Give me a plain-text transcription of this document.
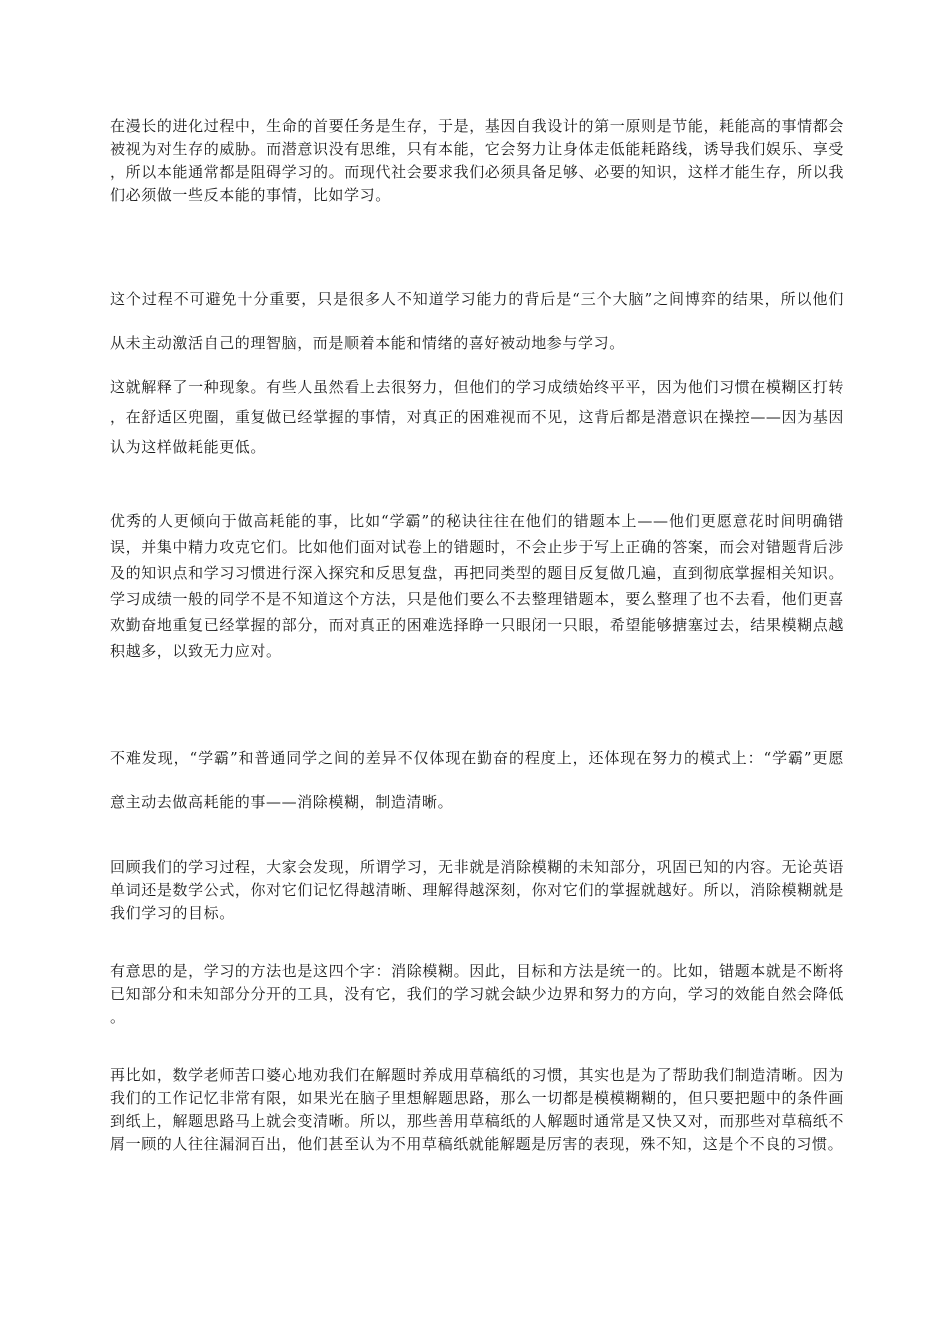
在漫长的进化过程中，生命的首要任务是生存，于是，基因自我设计的第一原则是节能，耗能高的事情都会被视为对生存的威胁。而潜意识没有思维，只有本能，它会努力让身体走低能耗路线，诱导我们娱乐、享受，所以本能通常都是阻碍学习的。而现代社会要求我们必须具备足够、必要的知识，这样才能生存，所以我们必须做一些反本能的事情，比如学习。

这个过程不可避免十分重要，只是很多人不知道学习能力的背后是“三个大脑”之间博弈的结果，所以他们从未主动激活自己的理智脑，而是顺着本能和情绪的喜好被动地参与学习。

这就解释了一种现象。有些人虽然看上去很努力，但他们的学习成绩始终平平，因为他们习惯在模糊区打转，在舒适区兜圈，重复做已经掌握的事情，对真正的困难视而不见，这背后都是潜意识在操控——因为基因认为这样做耗能更低。

优秀的人更倾向于做高耗能的事，比如“学霸”的秘诀往往在他们的错题本上——他们更愿意花时间明确错误，并集中精力攻克它们。比如他们面对试卷上的错题时，不会止步于写上正确的答案，而会对错题背后涉及的知识点和学习习惯进行深入探究和反思复盘，再把同类型的题目反复做几遍，直到彻底掌握相关知识。学习成绩一般的同学不是不知道这个方法，只是他们要么不去整理错题本，要么整理了也不去看，他们更喜欢勤奋地重复已经掌握的部分，而对真正的困难选择睁一只眼闭一只眼，希望能够搪塞过去，结果模糊点越积越多，以致无力应对。

不难发现，“学霸”和普通同学之间的差异不仅体现在勤奋的程度上，还体现在努力的模式上：“学霸”更愿意主动去做高耗能的事——消除模糊，制造清晰。

回顾我们的学习过程，大家会发现，所谓学习，无非就是消除模糊的未知部分，巩固已知的内容。无论英语单词还是数学公式，你对它们记忆得越清晰、理解得越深刻，你对它们的掌握就越好。所以，消除模糊就是我们学习的目标。

有意思的是，学习的方法也是这四个字：消除模糊。因此，目标和方法是统一的。比如，错题本就是不断将已知部分和未知部分分开的工具，没有它，我们的学习就会缺少边界和努力的方向，学习的效能自然会降低。

再比如，数学老师苦口婆心地劝我们在解题时养成用草稿纸的习惯，其实也是为了帮助我们制造清晰。因为我们的工作记忆非常有限，如果光在脑子里想解题思路，那么一切都是模模糊糊的，但只要把题中的条件画到纸上，解题思路马上就会变清晰。所以，那些善用草稿纸的人解题时通常是又快又对，而那些对草稿纸不屑一顾的人往往漏洞百出，他们甚至认为不用草稿纸就能解题是厉害的表现，殊不知，这是个不良的习惯。
